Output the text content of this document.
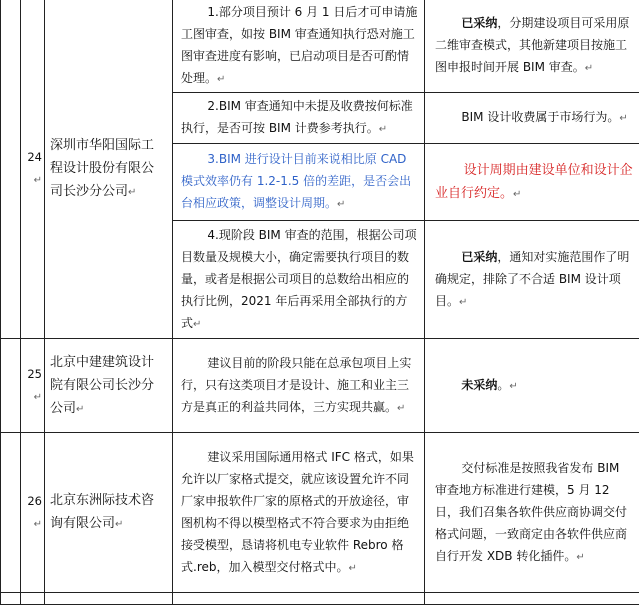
	24↵	深圳市华阳国际工程设计股份有限公司长沙分公司↵	1.部分项目预计 6 月 1 日后才可申请施工图审查，如按 BIM 审查通知执行恐对施工图审查进度有影响，已启动项目是否可酌情处理。↵	已采纳，分期建设项目可采用原二维审查模式，其他新建项目按施工图申报时间开展 BIM 审查。↵
			2.BIM 审查通知中未提及收费按何标准执行，是否可按 BIM 计费参考执行。↵	BIM 设计收费属于市场行为。↵
			3.BIM 进行设计目前来说相比原 CAD 模式效率仍有 1.2-1.5 倍的差距，是否会出台相应政策，调整设计周期。↵	设计周期由建设单位和设计企业自行约定。↵
			4.现阶段 BIM 审查的范围，根据公司项目数量及规模大小，确定需要执行项目的数量，或者是根据公司项目的总数给出相应的执行比例，2021 年后再采用全部执行的方式↵	已采纳，通知对实施范围作了明确规定，排除了不合适 BIM 设计项目。↵
	25↵	北京中建建筑设计院有限公司长沙分公司↵	建议目前的阶段只能在总承包项目上实行，只有这类项目才是设计、施工和业主三方是真正的利益共同体，三方实现共赢。↵	未采纳。↵
	26↵	北京东洲际技术咨询有限公司↵	建议采用国际通用格式 IFC 格式，如果允许以厂家格式提交，就应该设置允许不同厂家申报软件厂家的原格式的开放途径，审图机构不得以模型格式不符合要求为由拒绝接受模型，恳请将机电专业软件 Rebro 格式.reb，加入模型交付格式中。↵	交付标准是按照我省发布 BIM 审查地方标准进行建模，5 月 12 日，我们召集各软件供应商协调交付格式问题，一致商定由各软件供应商自行开发 XDB 转化插件。↵
